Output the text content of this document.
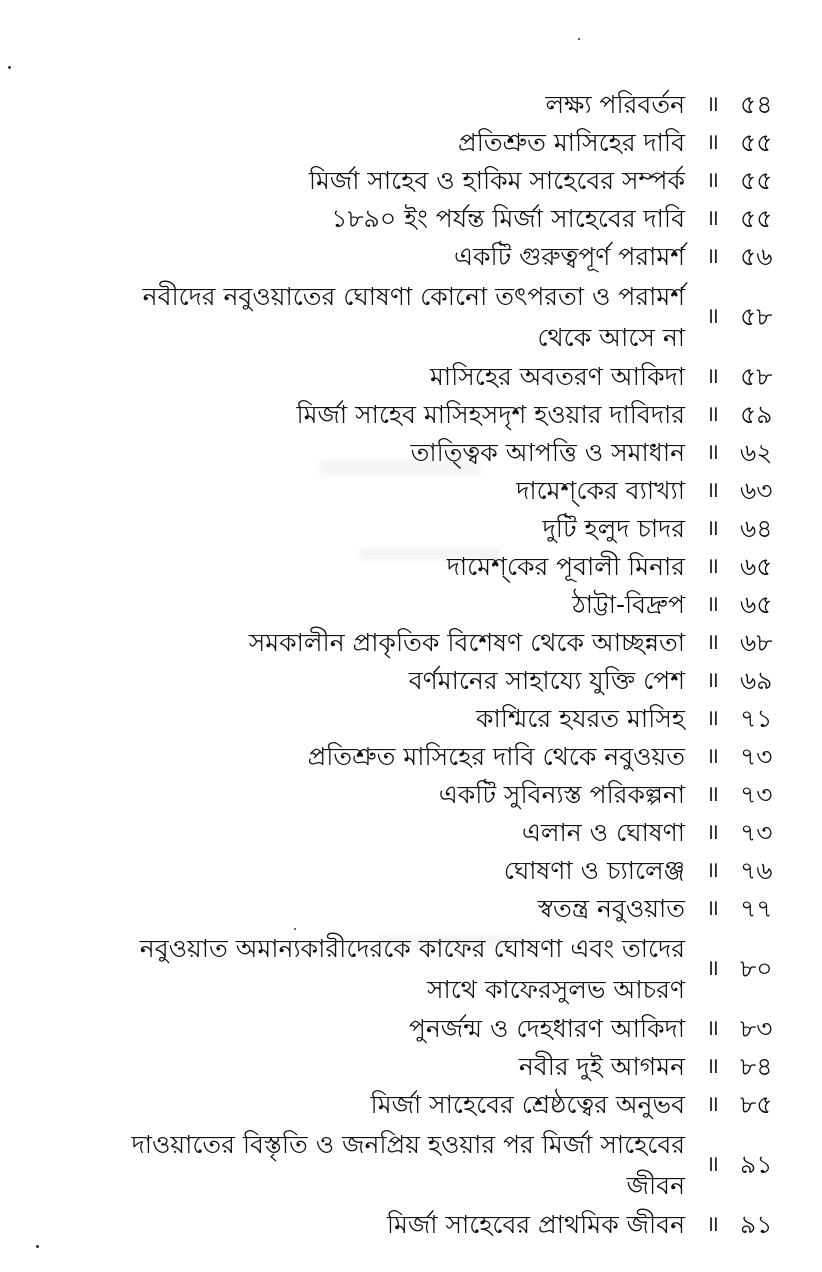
লক্ষ্য পরিবর্তন ॥ ৫৪
প্রতিশ্রুত মাসিহের দাবি ॥ ৫৫
মির্জা সাহেব ও হাকিম সাহেবের সম্পর্ক ॥ ৫৫
১৮৯০ ইং পর্যন্ত মির্জা সাহেবের দাবি ॥ ৫৫
একটি গুরুত্বপূর্ণ পরামর্শ ॥ ৫৬
নবীদের নবুওয়াতের ঘোষণা কোনো তৎপরতা ও পরামর্শ
থেকে আসে না
॥ ৫৮
মাসিহের অবতরণ আকিদা ॥ ৫৮
মির্জা সাহেব মাসিহসদৃশ হওয়ার দাবিদার ॥ ৫৯
তাত্ত্বিক আপত্তি ও সমাধান ॥ ৬২
দামেশ্‌কের ব্যাখ্যা ॥ ৬৩
দুটি হলুদ চাদর ॥ ৬৪
দামেশ্‌কের পূবালী মিনার ॥ ৬৫
ঠাট্টা-বিদ্রুপ ॥ ৬৫
সমকালীন প্রাকৃতিক বিশেষণ থেকে আচ্ছন্নতা ॥ ৬৮
বর্ণমানের সাহায্যে যুক্তি পেশ ॥ ৬৯
কাশ্মিরে হযরত মাসিহ ॥ ৭১
প্রতিশ্রুত মাসিহের দাবি থেকে নবুওয়ত ॥ ৭৩
একটি সুবিন্যস্ত পরিকল্পনা ॥ ৭৩
এলান ও ঘোষণা ॥ ৭৩
ঘোষণা ও চ্যালেঞ্জ ॥ ৭৬
স্বতন্ত্র নবুওয়াত ॥ ৭৭
নবুওয়াত অমান্যকারীদেরকে কাফের ঘোষণা এবং তাদের
সাথে কাফেরসুলভ আচরণ
॥ ৮০
পুনর্জন্ম ও দেহধারণ আকিদা ॥ ৮৩
নবীর দুই আগমন ॥ ৮৪
মির্জা সাহেবের শ্রেষ্ঠত্বের অনুভব ॥ ৮৫
দাওয়াতের বিস্তৃতি ও জনপ্রিয় হওয়ার পর মির্জা সাহেবের
জীবন
॥ ৯১
মির্জা সাহেবের প্রাথমিক জীবন ॥ ৯১
